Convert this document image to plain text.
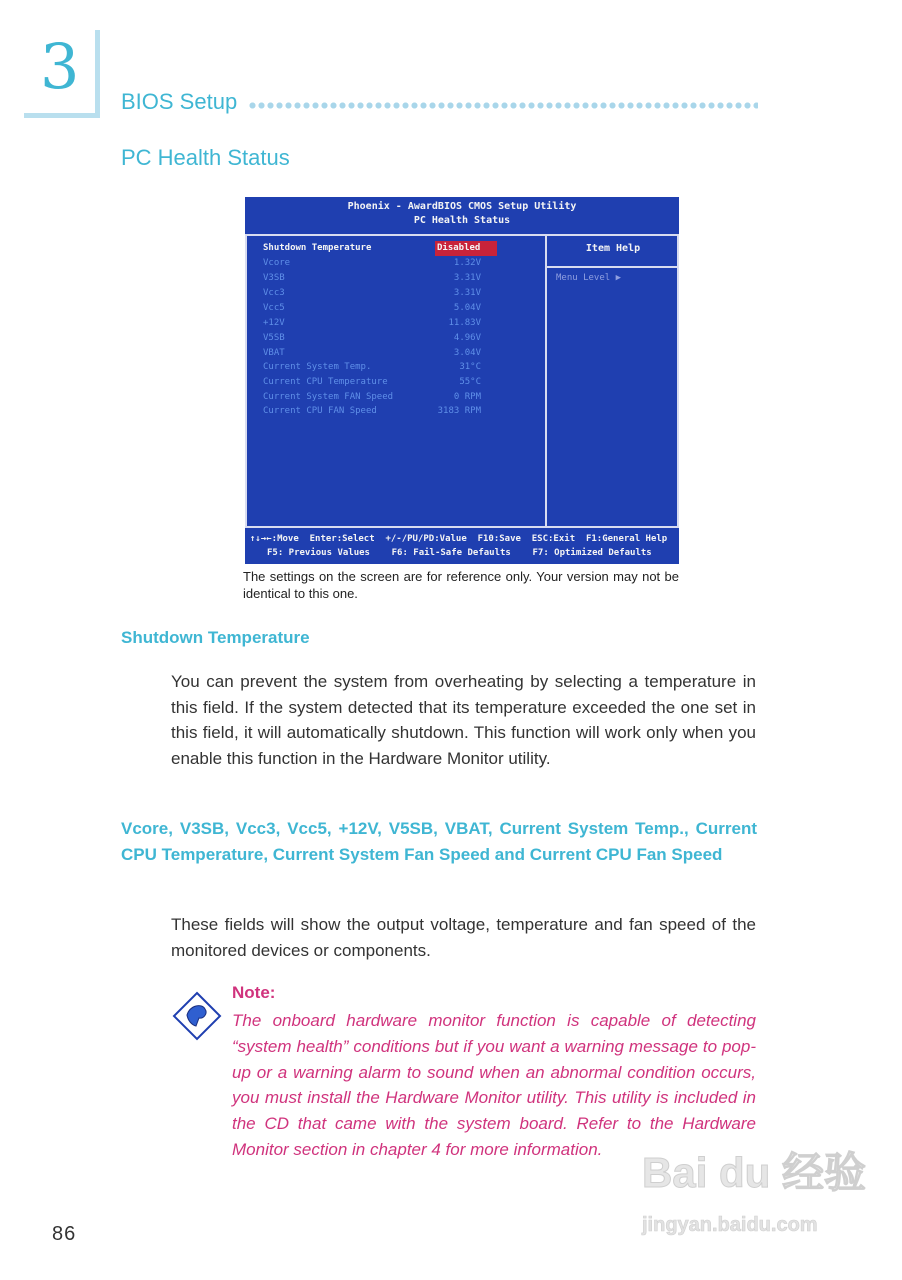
3 BIOS Setup
PC Health Status
Phoenix - AwardBIOS CMOS Setup Utility
PC Health Status
Item Help
Menu Level ▶
Shutdown Temperature	Disabled
Vcore	1.32V
V3SB	3.31V
Vcc3	3.31V
Vcc5	5.04V
+12V	11.83V
V5SB	4.96V
VBAT	3.04V
Current System Temp.	31°C
Current CPU Temperature	55°C
Current System FAN Speed	0 RPM
Current CPU FAN Speed	3183 RPM
↑↓→←:Move  Enter:Select  +/-/PU/PD:Value  F10:Save  ESC:Exit  F1:General Help
F5: Previous Values    F6: Fail-Safe Defaults    F7: Optimized Defaults
The settings on the screen are for reference only. Your version may not be identical to this one.
Shutdown Temperature
You can prevent the system from overheating by selecting a temperature in this field. If the system detected that its temperature exceeded the one set in this field, it will automatically shutdown. This function will work only when you enable this function in the Hardware Monitor utility.
Vcore, V3SB, Vcc3, Vcc5, +12V, V5SB, VBAT, Current System Temp., Current CPU Temperature, Current System Fan Speed and Current CPU Fan Speed
These fields will show the output voltage, temperature and fan speed of the monitored devices or components.
Note:
The onboard hardware monitor function is capable of detecting “system health” conditions but if you want a warning message to pop-up or a warning alarm to sound when an abnormal condition occurs, you must install the Hardware Monitor utility. This utility is included in the CD that came with the system board. Refer to the Hardware Monitor section in chapter 4 for more information.
86
Bai du 经验
jingyan.baidu.com
